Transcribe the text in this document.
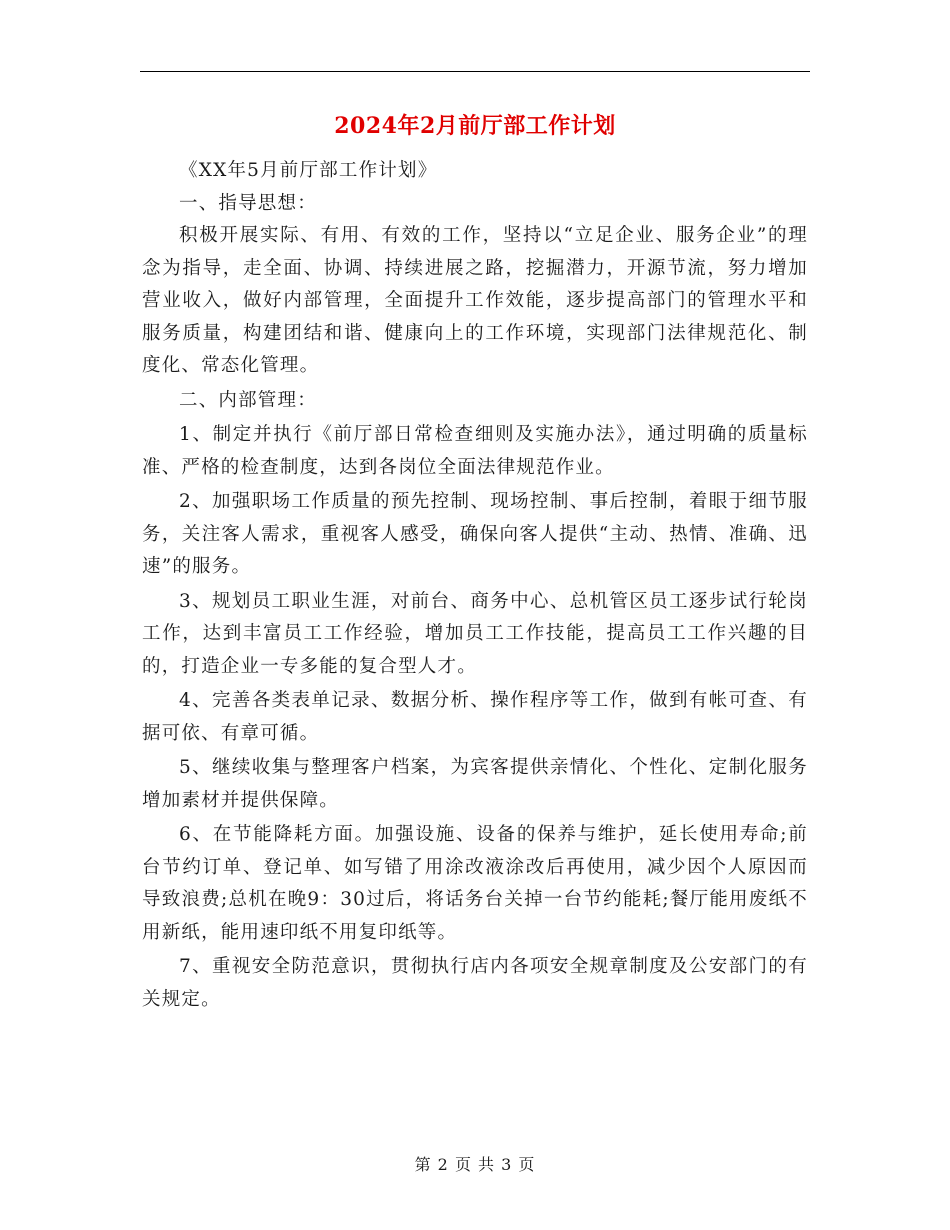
2024年2月前厅部工作计划

《XX年5月前厅部工作计划》

一、指导思想：

积极开展实际、有用、有效的工作，坚持以“立足企业、服务企业”的理念为指导，走全面、协调、持续进展之路，挖掘潜力，开源节流，努力增加营业收入，做好内部管理，全面提升工作效能，逐步提高部门的管理水平和服务质量，构建团结和谐、健康向上的工作环境，实现部门法律规范化、制度化、常态化管理。

二、内部管理：

1、制定并执行《前厅部日常检查细则及实施办法》，通过明确的质量标准、严格的检查制度，达到各岗位全面法律规范作业。

2、加强职场工作质量的预先控制、现场控制、事后控制，着眼于细节服务，关注客人需求，重视客人感受，确保向客人提供“主动、热情、准确、迅速”的服务。

3、规划员工职业生涯，对前台、商务中心、总机管区员工逐步试行轮岗工作，达到丰富员工工作经验，增加员工工作技能，提高员工工作兴趣的目的，打造企业一专多能的复合型人才。

4、完善各类表单记录、数据分析、操作程序等工作，做到有帐可查、有据可依、有章可循。

5、继续收集与整理客户档案，为宾客提供亲情化、个性化、定制化服务增加素材并提供保障。

6、在节能降耗方面。加强设施、设备的保养与维护，延长使用寿命;前台节约订单、登记单、如写错了用涂改液涂改后再使用，减少因个人原因而导致浪费;总机在晚9：30过后，将话务台关掉一台节约能耗;餐厅能用废纸不用新纸，能用速印纸不用复印纸等。

7、重视安全防范意识，贯彻执行店内各项安全规章制度及公安部门的有关规定。

第 2 页 共 3 页
